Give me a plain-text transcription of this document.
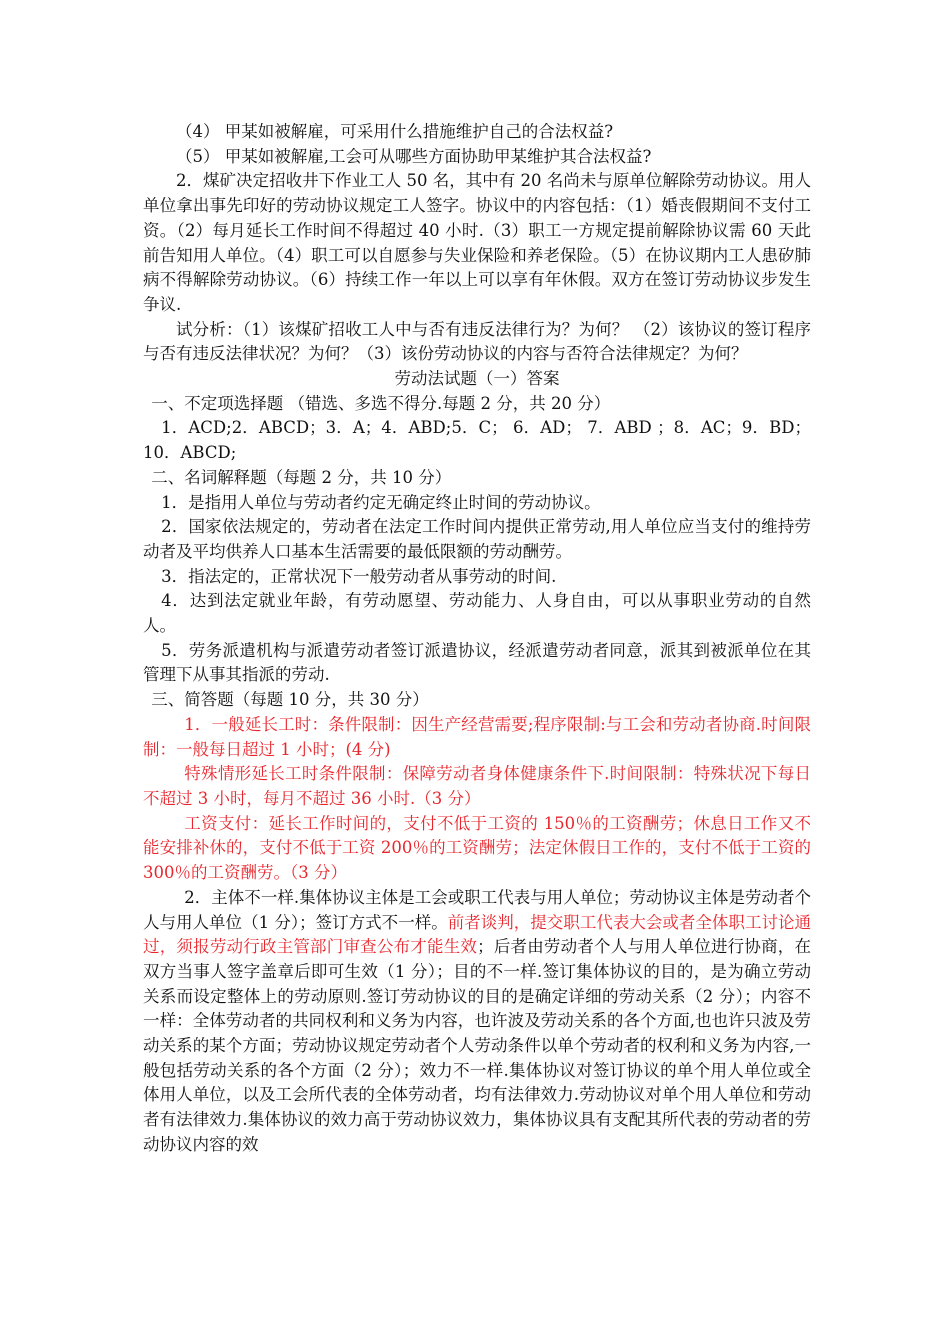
（4） 甲某如被解雇，可采用什么措施维护自己的合法权益?

（5） 甲某如被解雇,工会可从哪些方面协助甲某维护其合法权益?

2．煤矿决定招收井下作业工人 50 名，其中有 20 名尚未与原单位解除劳动协议。用人单位拿出事先印好的劳动协议规定工人签字。协议中的内容包括：（1）婚丧假期间不支付工资。（2）每月延长工作时间不得超过 40 小时.（3）职工一方规定提前解除协议需 60 天此前告知用人单位。（4）职工可以自愿参与失业保险和养老保险。（5）在协议期内工人患矽肺病不得解除劳动协议。（6）持续工作一年以上可以享有年休假。双方在签订劳动协议步发生争议.

试分析：（1）该煤矿招收工人中与否有违反法律行为？为何？ （2）该协议的签订程序与否有违反法律状况？为何？（3）该份劳动协议的内容与否符合法律规定？为何？

劳动法试题（一）答案

一、不定项选择题 （错选、多选不得分.每题 2 分，共 20 分）

1．ACD;2．ABCD；3．A；4．ABD;5．C； 6．AD； 7．ABD ；8．AC；9．BD； 10．ABCD;

二、名词解释题（每题 2 分，共 10 分）

1．是指用人单位与劳动者约定无确定终止时间的劳动协议。

2．国家依法规定的，劳动者在法定工作时间内提供正常劳动,用人单位应当支付的维持劳动者及平均供养人口基本生活需要的最低限额的劳动酬劳。

3．指法定的，正常状况下一般劳动者从事劳动的时间.

4．达到法定就业年龄，有劳动愿望、劳动能力、人身自由，可以从事职业劳动的自然人。

5．劳务派遣机构与派遣劳动者签订派遣协议，经派遣劳动者同意，派其到被派单位在其管理下从事其指派的劳动.

三、简答题（每题 10 分，共 30 分）

1．一般延长工时：条件限制：因生产经营需要;程序限制:与工会和劳动者协商.时间限制：一般每日超过 1 小时；(4 分)

特殊情形延长工时条件限制：保障劳动者身体健康条件下.时间限制：特殊状况下每日不超过 3 小时，每月不超过 36 小时.（3 分）

工资支付：延长工作时间的，支付不低于工资的 150％的工资酬劳；休息日工作又不能安排补休的，支付不低于工资 200％的工资酬劳；法定休假日工作的，支付不低于工资的 300％的工资酬劳。（3 分）

2．主体不一样.集体协议主体是工会或职工代表与用人单位；劳动协议主体是劳动者个人与用人单位（1 分）；签订方式不一样。前者谈判，提交职工代表大会或者全体职工讨论通过，须报劳动行政主管部门审查公布才能生效；后者由劳动者个人与用人单位进行协商，在双方当事人签字盖章后即可生效（1 分）；目的不一样.签订集体协议的目的，是为确立劳动关系而设定整体上的劳动原则.签订劳动协议的目的是确定详细的劳动关系（2 分）；内容不一样：全体劳动者的共同权利和义务为内容，也许波及劳动关系的各个方面,也也许只波及劳动关系的某个方面；劳动协议规定劳动者个人劳动条件以单个劳动者的权利和义务为内容,一般包括劳动关系的各个方面（2 分）；效力不一样.集体协议对签订协议的单个用人单位或全体用人单位，以及工会所代表的全体劳动者，均有法律效力.劳动协议对单个用人单位和劳动者有法律效力.集体协议的效力高于劳动协议效力，集体协议具有支配其所代表的劳动者的劳动协议内容的效
